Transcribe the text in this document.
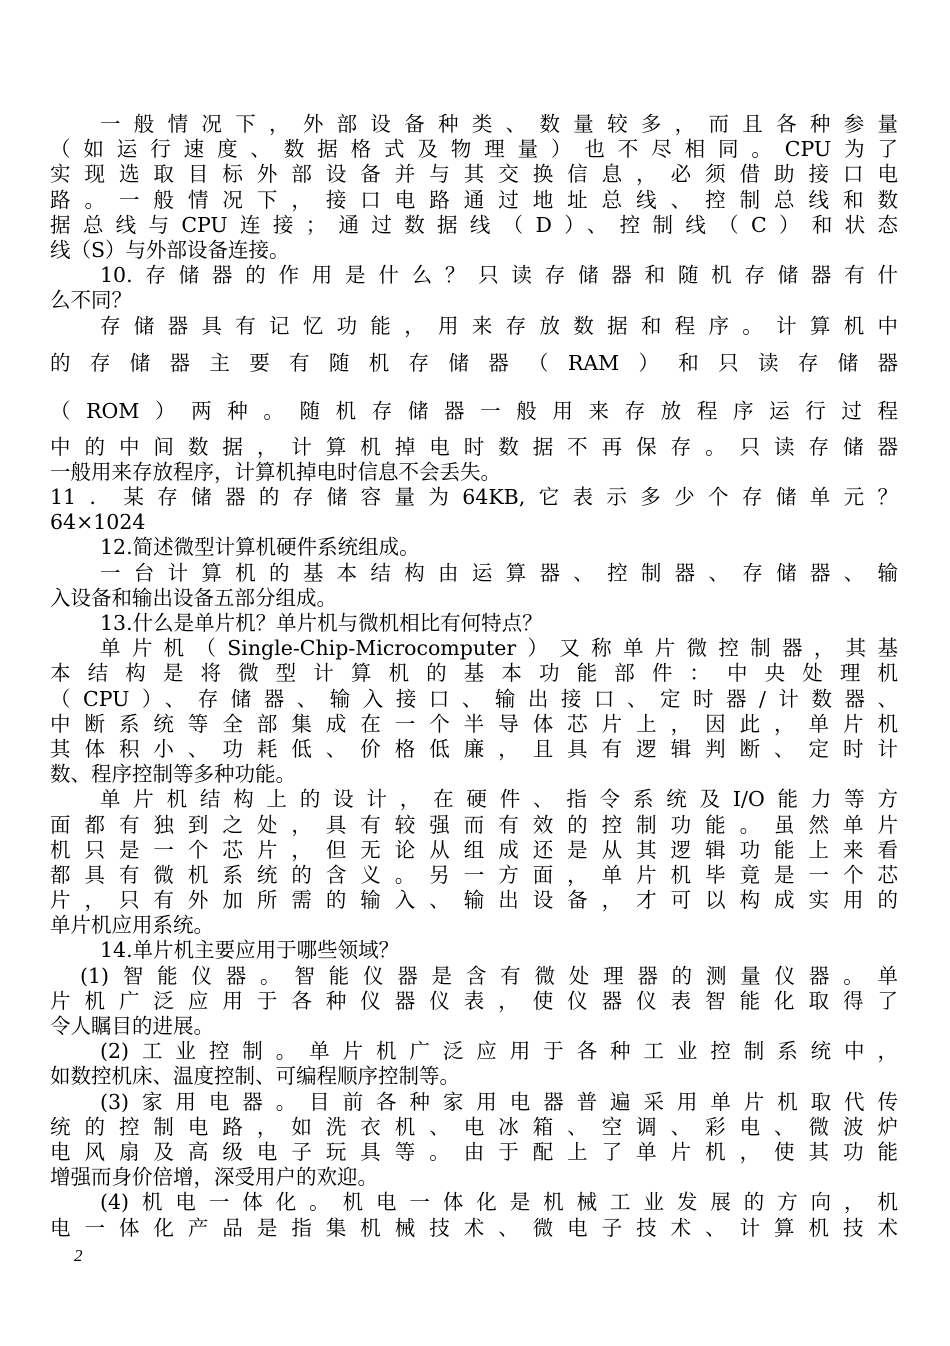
一般情况下，外部设备种类、数量较多，而且各种参量
（如运行速度、数据格式及物理量）也不尽相同。CPU为了
实现选取目标外部设备并与其交换信息，必须借助接口电
路。一般情况下，接口电路通过地址总线、控制总线和数
据总线与CPU连接；通过数据线（D）、控制线（C）和状态
线（S）与外部设备连接。
10.存储器的作用是什么？只读存储器和随机存储器有什
么不同？
存储器具有记忆功能，用来存放数据和程序。计算机中
的存储器主要有随机存储器（RAM）和只读存储器
（ROM）两种。随机存储器一般用来存放程序运行过程
中的中间数据，计算机掉电时数据不再保存。只读存储器
一般用来存放程序，计算机掉电时信息不会丢失。
11．某存储器的存储容量为64KB,它表示多少个存储单元？
64×1024
12.简述微型计算机硬件系统组成。
一台计算机的基本结构由运算器、控制器、存储器、输
入设备和输出设备五部分组成。
13.什么是单片机？单片机与微机相比有何特点？
单片机（Single-Chip-Microcomputer）又称单片微控制器，其基
本结构是将微型计算机的基本功能部件：中央处理机
（CPU）、存储器、输入接口、输出接口、定时器/计数器、
中断系统等全部集成在一个半导体芯片上，因此，单片机
其体积小、功耗低、价格低廉，且具有逻辑判断、定时计
数、程序控制等多种功能。
单片机结构上的设计，在硬件、指令系统及I/O能力等方
面都有独到之处，具有较强而有效的控制功能。虽然单片
机只是一个芯片，但无论从组成还是从其逻辑功能上来看
都具有微机系统的含义。另一方面，单片机毕竟是一个芯
片，只有外加所需的输入、输出设备，才可以构成实用的
单片机应用系统。
14.单片机主要应用于哪些领域？
(1)智能仪器。智能仪器是含有微处理器的测量仪器。单
片机广泛应用于各种仪器仪表，使仪器仪表智能化取得了
令人瞩目的进展。
(2)工业控制。单片机广泛应用于各种工业控制系统中，
如数控机床、温度控制、可编程顺序控制等。
(3)家用电器。目前各种家用电器普遍采用单片机取代传
统的控制电路，如洗衣机、电冰箱、空调、彩电、微波炉
电风扇及高级电子玩具等。由于配上了单片机，使其功能
增强而身价倍增，深受用户的欢迎。
(4)机电一体化。机电一体化是机械工业发展的方向，机
电一体化产品是指集机械技术、微电子技术、计算机技术
2
